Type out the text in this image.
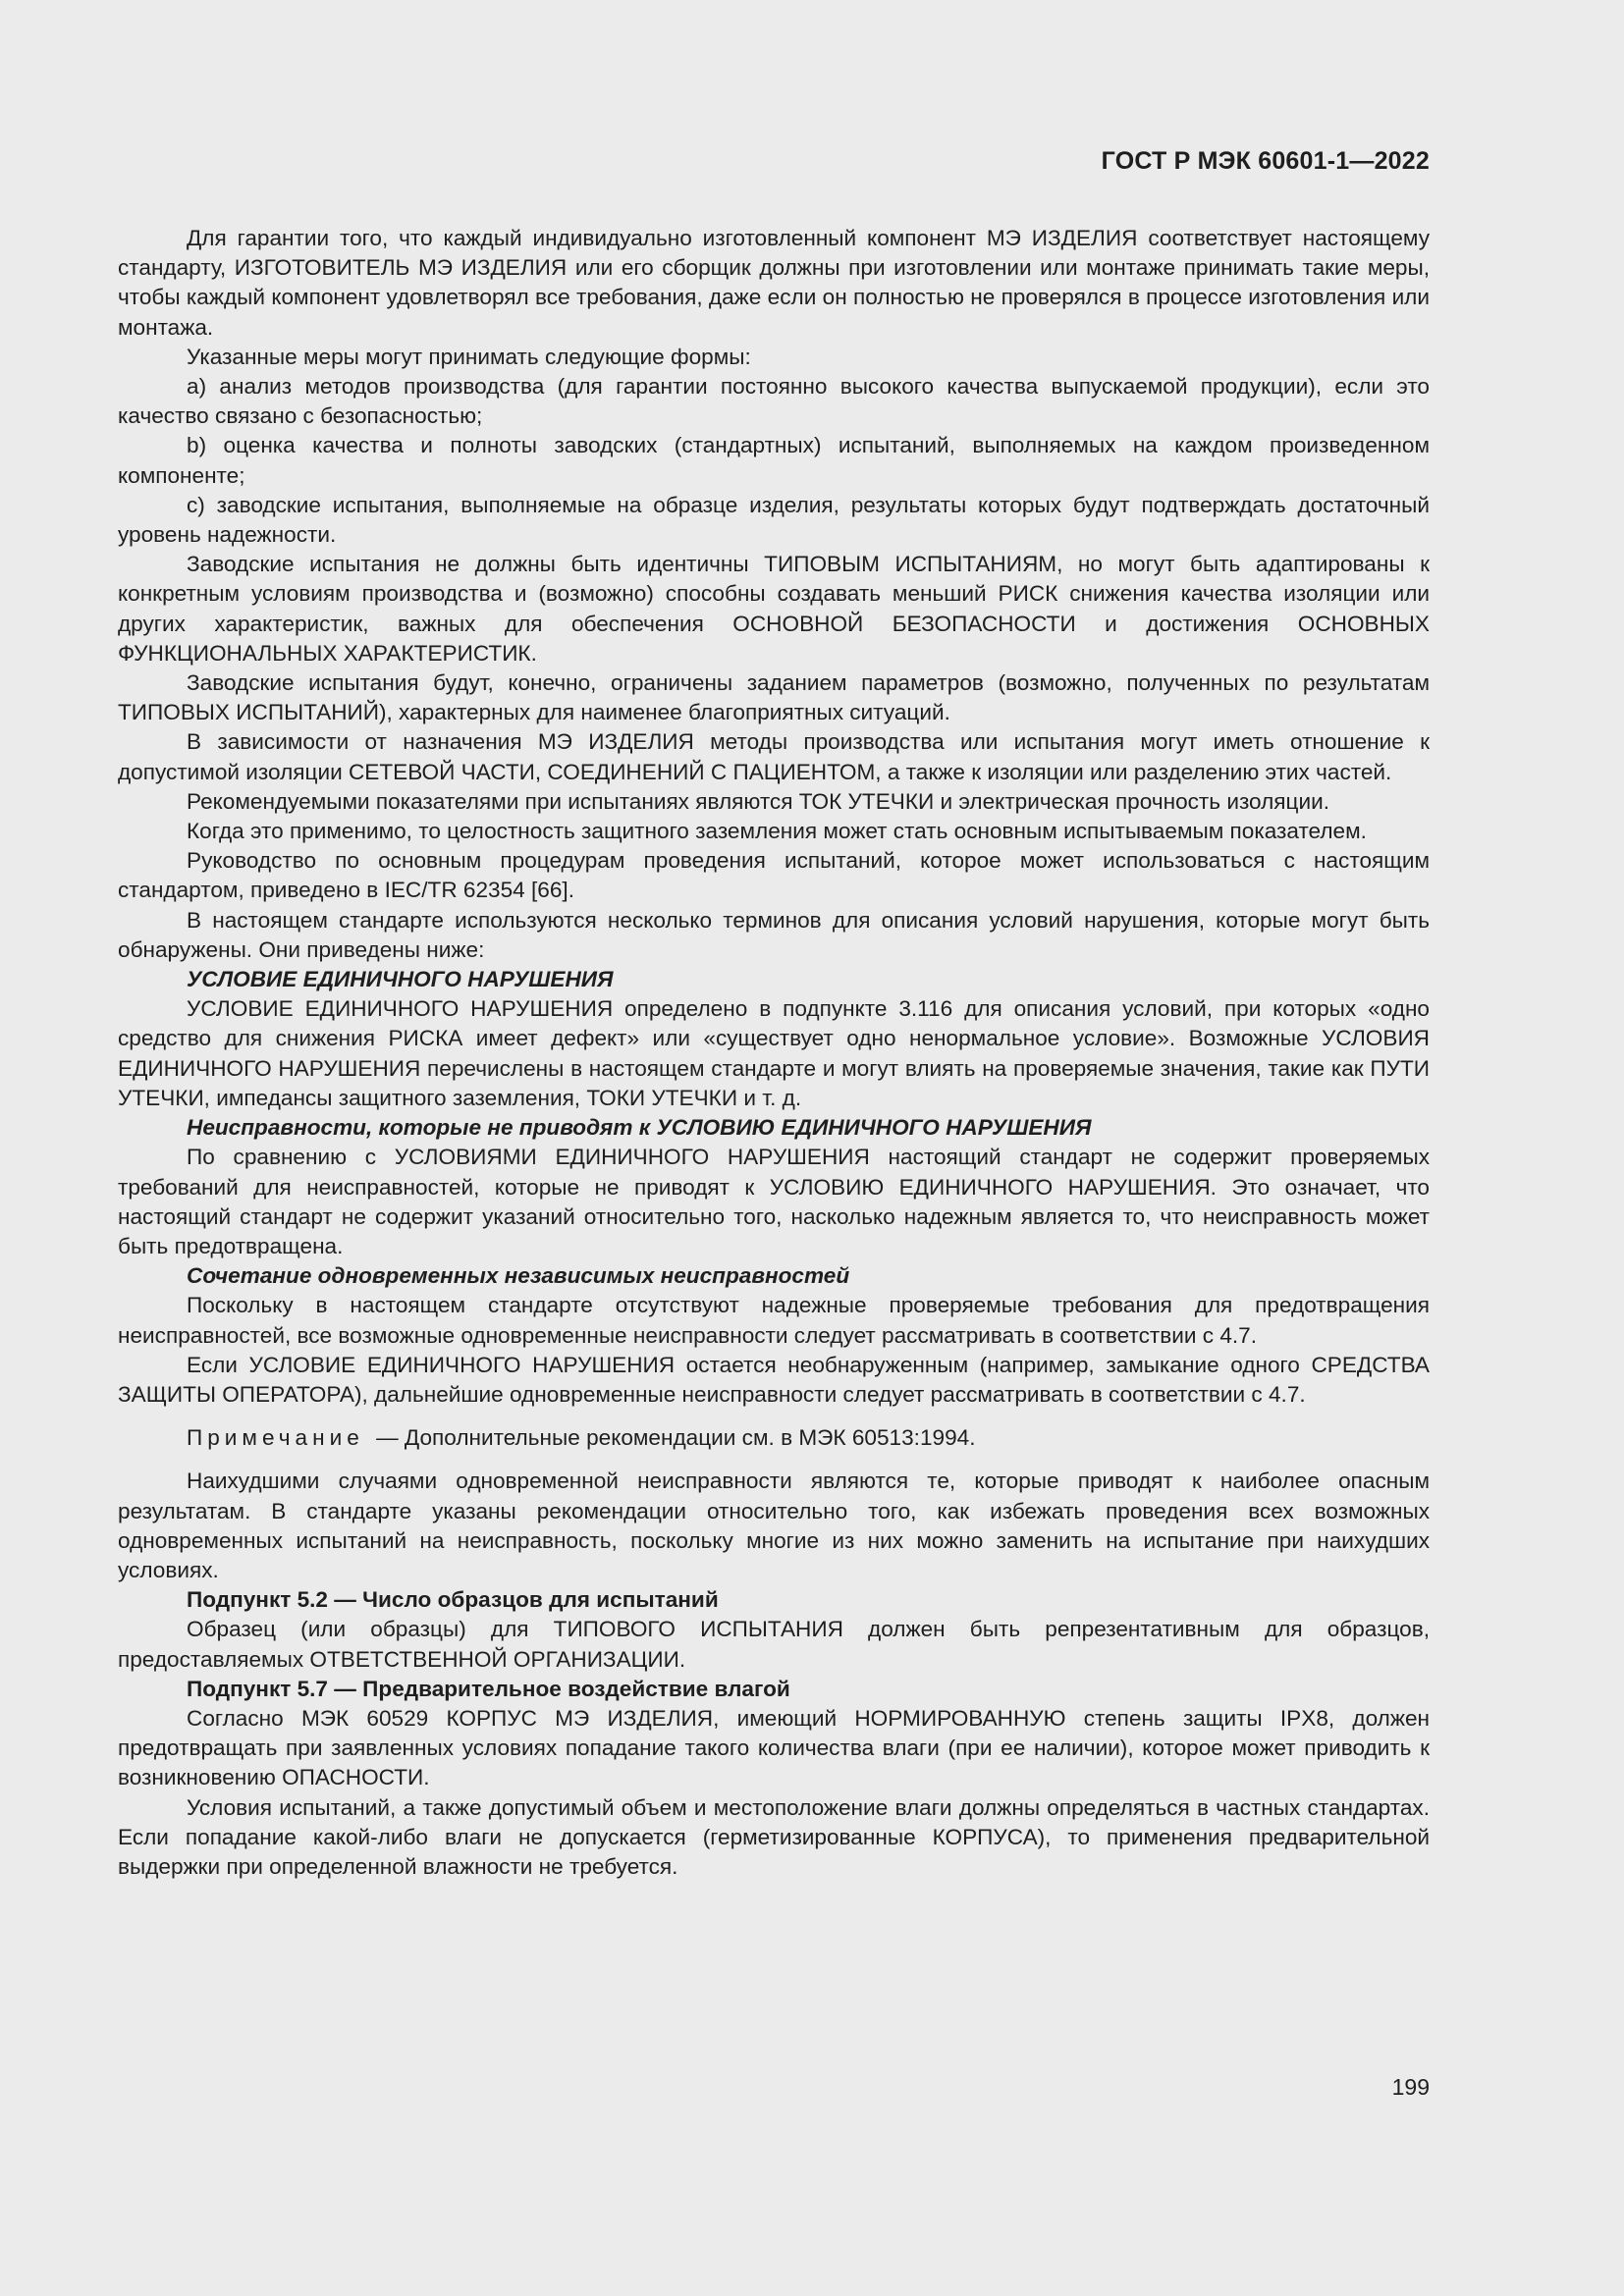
ГОСТ Р МЭК 60601-1—2022

Для гарантии того, что каждый индивидуально изготовленный компонент МЭ ИЗДЕЛИЯ соответствует настоящему стандарту, ИЗГОТОВИТЕЛЬ МЭ ИЗДЕЛИЯ или его сборщик должны при изготовлении или монтаже принимать такие меры, чтобы каждый компонент удовлетворял все требования, даже если он полностью не проверялся в процессе изготовления или монтажа.

Указанные меры могут принимать следующие формы:

a) анализ методов производства (для гарантии постоянно высокого качества выпускаемой продукции), если это качество связано с безопасностью;

b) оценка качества и полноты заводских (стандартных) испытаний, выполняемых на каждом произведенном компоненте;

c) заводские испытания, выполняемые на образце изделия, результаты которых будут подтверждать достаточный уровень надежности.

Заводские испытания не должны быть идентичны ТИПОВЫМ ИСПЫТАНИЯМ, но могут быть адаптированы к конкретным условиям производства и (возможно) способны создавать меньший РИСК снижения качества изоляции или других характеристик, важных для обеспечения ОСНОВНОЙ БЕЗОПАСНОСТИ и достижения ОСНОВНЫХ ФУНКЦИОНАЛЬНЫХ ХАРАКТЕРИСТИК.

Заводские испытания будут, конечно, ограничены заданием параметров (возможно, полученных по результатам ТИПОВЫХ ИСПЫТАНИЙ), характерных для наименее благоприятных ситуаций.

В зависимости от назначения МЭ ИЗДЕЛИЯ методы производства или испытания могут иметь отношение к допустимой изоляции СЕТЕВОЙ ЧАСТИ, СОЕДИНЕНИЙ С ПАЦИЕНТОМ, а также к изоляции или разделению этих частей.

Рекомендуемыми показателями при испытаниях являются ТОК УТЕЧКИ и электрическая прочность изоляции.

Когда это применимо, то целостность защитного заземления может стать основным испытываемым показателем.

Руководство по основным процедурам проведения испытаний, которое может использоваться с настоящим стандартом, приведено в IEC/TR 62354 [66].

В настоящем стандарте используются несколько терминов для описания условий нарушения, которые могут быть обнаружены. Они приведены ниже:

УСЛОВИЕ ЕДИНИЧНОГО НАРУШЕНИЯ

УСЛОВИЕ ЕДИНИЧНОГО НАРУШЕНИЯ определено в подпункте 3.116 для описания условий, при которых «одно средство для снижения РИСКА имеет дефект» или «существует одно ненормальное условие». Возможные УСЛОВИЯ ЕДИНИЧНОГО НАРУШЕНИЯ перечислены в настоящем стандарте и могут влиять на проверяемые значения, такие как ПУТИ УТЕЧКИ, импедансы защитного заземления, ТОКИ УТЕЧКИ и т. д.

Неисправности, которые не приводят к УСЛОВИЮ ЕДИНИЧНОГО НАРУШЕНИЯ

По сравнению с УСЛОВИЯМИ ЕДИНИЧНОГО НАРУШЕНИЯ настоящий стандарт не содержит проверяемых требований для неисправностей, которые не приводят к УСЛОВИЮ ЕДИНИЧНОГО НАРУШЕНИЯ. Это означает, что настоящий стандарт не содержит указаний относительно того, насколько надежным является то, что неисправность может быть предотвращена.

Сочетание одновременных независимых неисправностей

Поскольку в настоящем стандарте отсутствуют надежные проверяемые требования для предотвращения неисправностей, все возможные одновременные неисправности следует рассматривать в соответствии с 4.7.

Если УСЛОВИЕ ЕДИНИЧНОГО НАРУШЕНИЯ остается необнаруженным (например, замыкание одного СРЕДСТВА ЗАЩИТЫ ОПЕРАТОРА), дальнейшие одновременные неисправности следует рассматривать в соответствии с 4.7.

Примечание — Дополнительные рекомендации см. в МЭК 60513:1994.

Наихудшими случаями одновременной неисправности являются те, которые приводят к наиболее опасным результатам. В стандарте указаны рекомендации относительно того, как избежать проведения всех возможных одновременных испытаний на неисправность, поскольку многие из них можно заменить на испытание при наихудших условиях.

Подпункт 5.2 — Число образцов для испытаний

Образец (или образцы) для ТИПОВОГО ИСПЫТАНИЯ должен быть репрезентативным для образцов, предоставляемых ОТВЕТСТВЕННОЙ ОРГАНИЗАЦИИ.

Подпункт 5.7 — Предварительное воздействие влагой

Согласно МЭК 60529 КОРПУС МЭ ИЗДЕЛИЯ, имеющий НОРМИРОВАННУЮ степень защиты IPX8, должен предотвращать при заявленных условиях попадание такого количества влаги (при ее наличии), которое может приводить к возникновению ОПАСНОСТИ.

Условия испытаний, а также допустимый объем и местоположение влаги должны определяться в частных стандартах. Если попадание какой-либо влаги не допускается (герметизированные КОРПУСА), то применения предварительной выдержки при определенной влажности не требуется.

199
